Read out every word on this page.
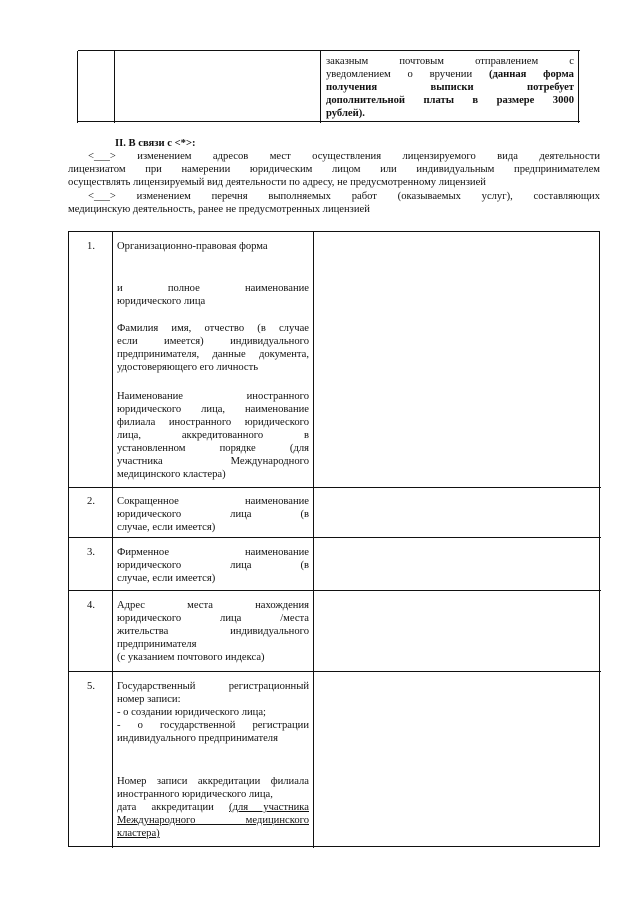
заказным почтовым отправлением с
уведомлением о вручении (данная форма
получения выписки потребует
дополнительной платы в размере 3000
рублей).
II. В связи с <*>:
<___> изменением адресов мест осуществления лицензируемого вида деятельности
лицензиатом при намерении юридическим лицом или индивидуальным предпринимателем
осуществлять лицензируемый вид деятельности по адресу, не предусмотренному лицензией
<___> изменением перечня выполняемых работ (оказываемых услуг), составляющих
медицинскую деятельность, ранее не предусмотренных лицензией
1.	Организационно-правовая форма
и полное наименование
юридического лица
Фамилия имя, отчество (в случае
если имеется) индивидуального
предпринимателя, данные документа,
удостоверяющего его личность
Наименование иностранного
юридического лица, наименование
филиала иностранного юридического
лица, аккредитованного в
установленном порядке (для
участника Международного
медицинского кластера)
2.	Сокращенное наименование
юридического лица (в
случае, если имеется)
3.	Фирменное наименование
юридического лица (в
случае, если имеется)
4.	Адрес места нахождения
юридического лица /места
жительства индивидуального
предпринимателя
(с указанием почтового индекса)
5.	Государственный регистрационный
номер записи:
- о создании юридического лица;
- о государственной регистрации
индивидуального предпринимателя
Номер записи аккредитации филиала
иностранного юридического лица,
дата аккредитации (для участника
Международного медицинского
кластера)
